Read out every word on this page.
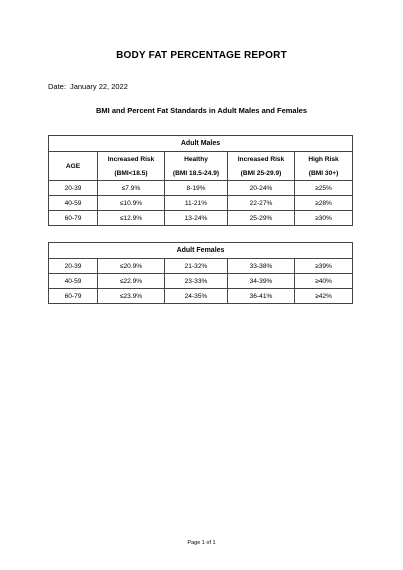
BODY FAT PERCENTAGE REPORT
Date: January 22, 2022
BMI and Percent Fat Standards in Adult Males and Females
Adult Males				
AGE	Increased Risk	Healthy	Increased Risk	High Risk
	(BMI<18.5)	(BMI 18.5-24.9)	(BMI 25-29.9)	(BMI 30+)
20-39	≤7.9%	8-19%	20-24%	≥25%
40-59	≤10.9%	11-21%	22-27%	≥28%
60-79	≤12.9%	13-24%	25-29%	≥30%
Adult Females				
20-39	≤20.9%	21-32%	33-38%	≥39%
40-59	≤22.9%	23-33%	34-39%	≥40%
60-79	≤23.9%	24-35%	36-41%	≥42%
Page 1 of 1
